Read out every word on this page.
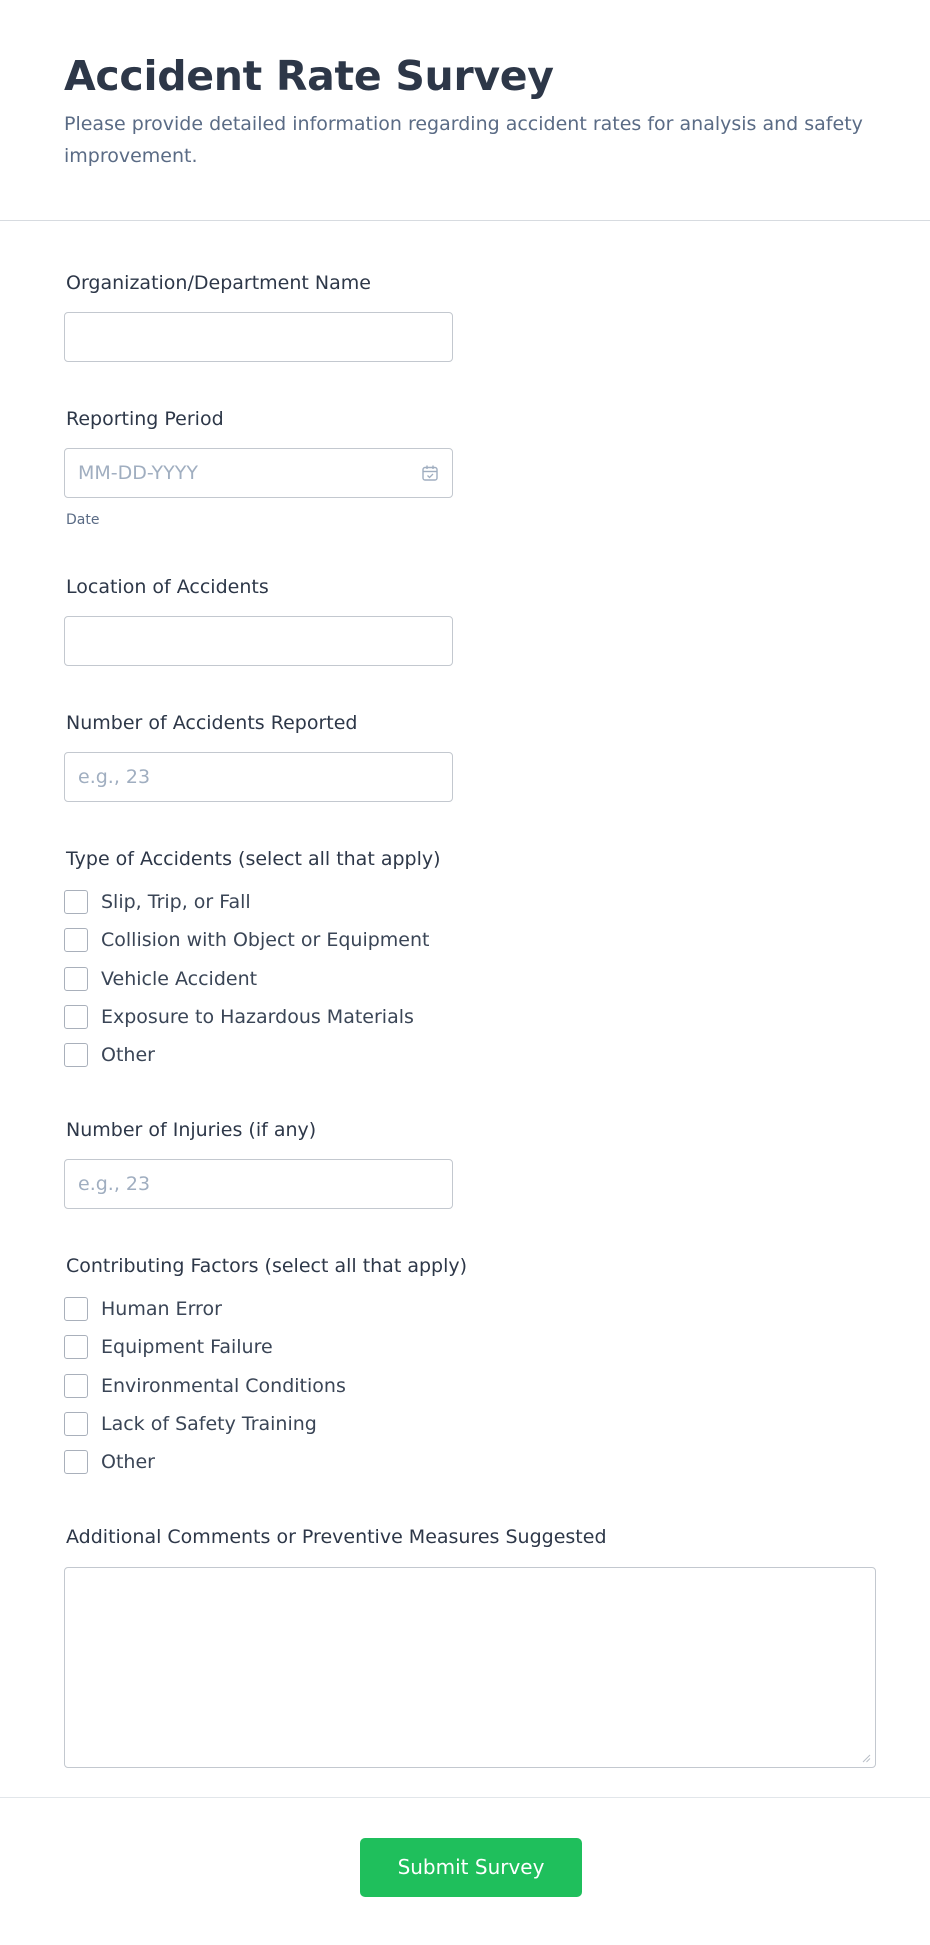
Accident Rate Survey

Please provide detailed information regarding accident rates for analysis and safety improvement.

Organization/Department Name
Reporting Period
MM-DD-YYYY
Date
Location of Accidents
Number of Accidents Reported
e.g., 23
Type of Accidents (select all that apply)
Slip, Trip, or Fall
Collision with Object or Equipment
Vehicle Accident
Exposure to Hazardous Materials
Other
Number of Injuries (if any)
e.g., 23
Contributing Factors (select all that apply)
Human Error
Equipment Failure
Environmental Conditions
Lack of Safety Training
Other
Additional Comments or Preventive Measures Suggested
Submit Survey
